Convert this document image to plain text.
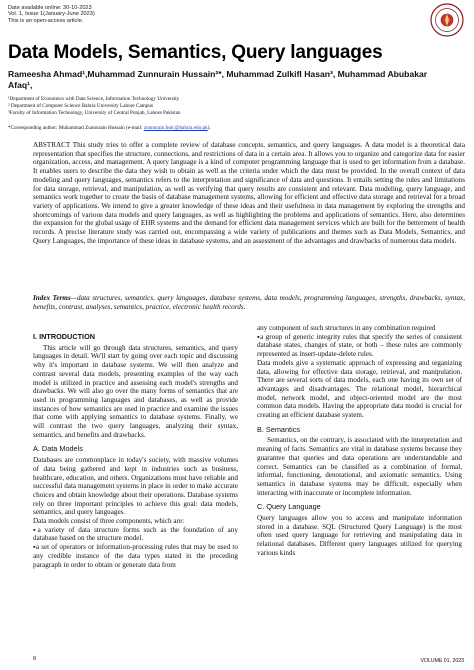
Date available online: 30-10-2023
Vol. 1, Issue 1(January-June 2023)
This is an open-access article.
Data Models, Semantics, Query languages
Rameesha Ahmad¹,Muhammad Zunnurain Hussain²*, Muhammad Zulkifl Hasan³, Muhammad Abubakar
Afaq¹,
¹Department of Economics with Data Science, Information Technology University
² Department of Computer Science Bahria University Lahore Campus
³Faculty of Information Technology, University of Central Punjab, Lahore Pakistan
*Corresponding author: Muhammad Zunnurain Hussain (e-mail: zunnurain.bulc@bahria.edu.pk).
ABSTRACT This study tries to offer a complete review of database concepts, semantics, and query languages. A data model is a theoretical data representation that specifies the structure, connections, and restrictions of data in a certain area. It allows you to organize and categorize data for easier organization, access, and management. A query language is a kind of computer programming language that is used to get information from a database. It enables users to describe the data they wish to obtain as well as the criteria under which the data must be provided. In the overall context of data modeling and query languages, semantics refers to the interpretation and significance of data and questions. It entails setting the rules and limitations for data storage, retrieval, and manipulation, as well as verifying that query results are consistent and relevant. Data modeling, query language, and semantics work together to create the basis of database management systems, allowing for efficient and effective data storage and retrieval for a broad variety of applications. We intend to give a greater knowledge of these ideas and their usefulness in data management by exploring the strengths and shortcomings of various data models and query languages, as well as highlighting the problems and applications of semantics. Here, also determines the expansion for the global usage of EHR systems and the demand for efficient data management services which are built for the betterment of health records. A precise literature study was carried out, encompassing a wide variety of publications and themes such as Data Models, Semantics, and Query Languages, the importance of these ideas in database systems, and an assessment of the advantages and drawbacks of numerous data models.
Index Terms—data structures, semantics, query languages, database systems, data models, programming languages, strengths, drawbacks, syntax, benefits, contrast, analyses, semantics, practice, electronic health records.
I. INTRODUCTION

This article will go through data structures, semantics, and query languages in detail. We'll start by going over each topic and discussing why it's important in database systems. We will then analyze and contrast several data models, presenting examples of the way each model is utilized in practice and assessing each model's strengths and drawbacks. We will also go over the many forms of semantics that are used in programming languages and databases, as well as provide instances of how semantics are used in practice and examine the issues that come with applying semantics to database systems. Finally, we will contrast the two query languages, analyzing their syntax, semantics, and benefits and drawbacks.

A. Data Models

Databases are commonplace in today's society, with massive volumes of data being gathered and kept in industries such as business, healthcare, education, and others. Organizations must have reliable and successful data management systems in place in order to make accurate choices and obtain knowledge about their operations. Database systems rely on three important principles to achieve this goal: data models, semantics, and query languages.

Data models consist of three components, which are:

▪a variety of data structure forms such as the foundation of any database based on the structure model.

▪a set of operators or information-processing rules that may be used to any credible instance of the data types stated in the preceding paragraph in order to obtain or generate data from

any component of such structures in any combination required

▪a group of generic integrity rules that specify the series of consistent database states, changes of state, or both – these rules are commonly represented as insert-update-delete rules.

Data models give a systematic approach of expressing and organizing data, allowing for effective data storage, retrieval, and manipulation. There are several sorts of data models, each one having its own set of advantages and disadvantages. The relational model, hierarchical model, network model, and object-oriented model are the most common data models. Having the appropriate data model is crucial for creating an efficient database system.

B. Semantics

Semantics, on the contrary, is associated with the interpretation and meaning of facts. Semantics are vital in database systems because they guarantee that queries and data operations are understandable and correct. Semantics can be classified as a combination of formal, informal, functioning, denotational, and axiomatic semantics. Using semantics in database systems may be difficult, especially when interacting with inaccurate or incomplete information.

C. Query Language

Query languages allow you to access and manipulate information stored in a database. SQL (Structured Query Language) is the most often used query language for retrieving and manipulating data in relational databases. Different query languages utilized for querying various kinds

8	VOLUME 01, 2023
